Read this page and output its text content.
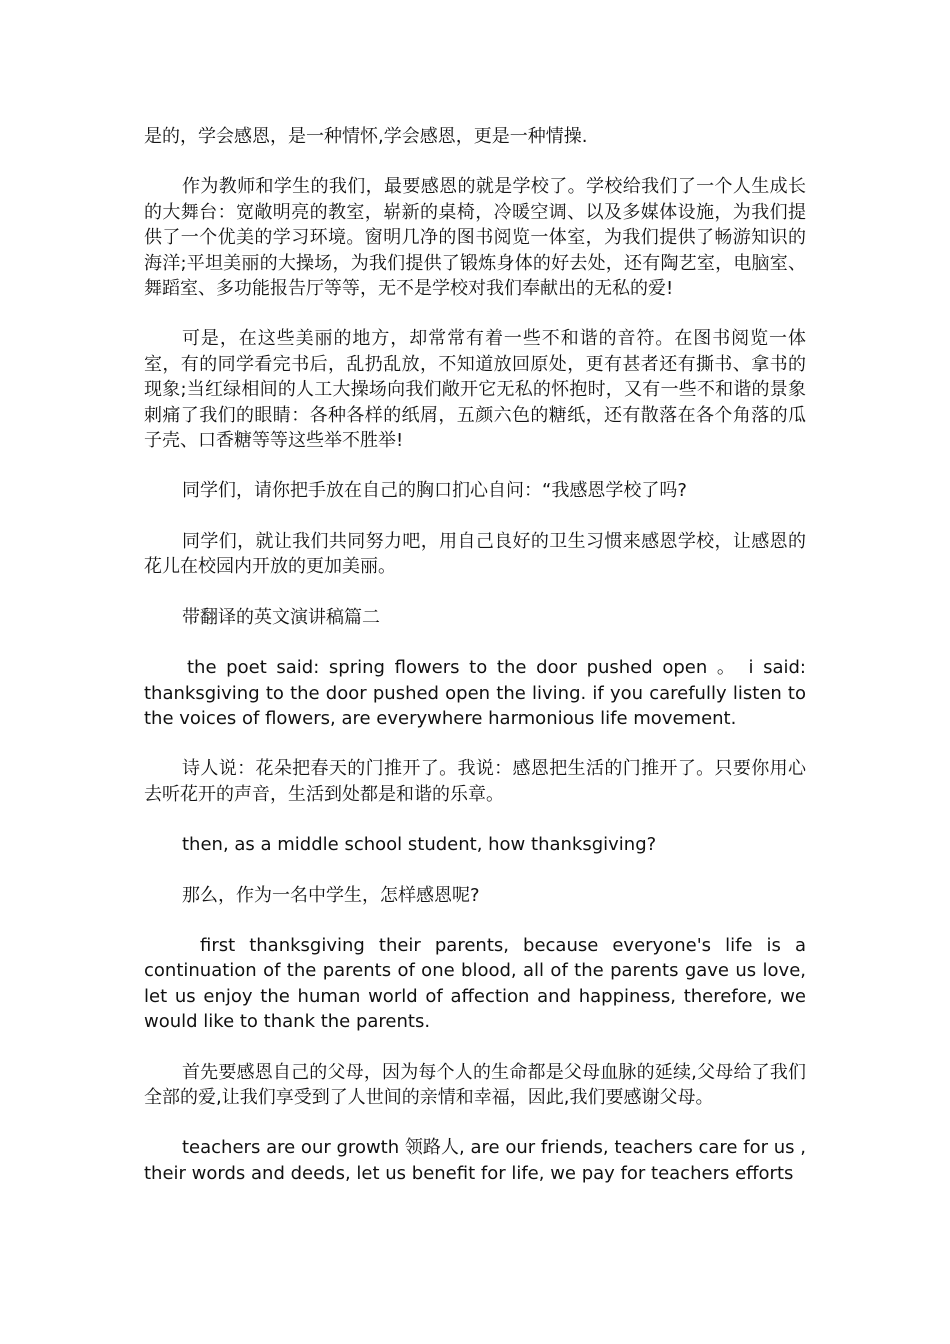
是的，学会感恩，是一种情怀,学会感恩，更是一种情操.

作为教师和学生的我们，最要感恩的就是学校了。学校给我们了一个人生成长的大舞台：宽敞明亮的教室，崭新的桌椅，冷暖空调、以及多媒体设施，为我们提供了一个优美的学习环境。窗明几净的图书阅览一体室，为我们提供了畅游知识的海洋;平坦美丽的大操场，为我们提供了锻炼身体的好去处，还有陶艺室，电脑室、舞蹈室、多功能报告厅等等，无不是学校对我们奉献出的无私的爱!

可是，在这些美丽的地方，却常常有着一些不和谐的音符。在图书阅览一体室，有的同学看完书后，乱扔乱放，不知道放回原处，更有甚者还有撕书、拿书的现象;当红绿相间的人工大操场向我们敞开它无私的怀抱时，又有一些不和谐的景象刺痛了我们的眼睛：各种各样的纸屑，五颜六色的糖纸，还有散落在各个角落的瓜子壳、口香糖等等这些举不胜举!

同学们，请你把手放在自己的胸口扪心自问：“我感恩学校了吗?

同学们，就让我们共同努力吧，用自己良好的卫生习惯来感恩学校，让感恩的花儿在校园内开放的更加美丽。

带翻译的英文演讲稿篇二

the poet said: spring flowers to the door pushed open 。 i said: thanksgiving to the door pushed open the living. if you carefully listen to the voices of flowers, are everywhere harmonious life movement.

诗人说：花朵把春天的门推开了。我说：感恩把生活的门推开了。只要你用心去听花开的声音，生活到处都是和谐的乐章。

then, as a middle school student, how thanksgiving?

那么，作为一名中学生，怎样感恩呢?

first thanksgiving their parents, because everyone's life is a continuation of the parents of one blood, all of the parents gave us love, let us enjoy the human world of affection and happiness, therefore, we would like to thank the parents.

首先要感恩自己的父母，因为每个人的生命都是父母血脉的延续,父母给了我们全部的爱,让我们享受到了人世间的亲情和幸福，因此,我们要感谢父母。

teachers are our growth 领路人, are our friends, teachers care for us , their words and deeds, let us benefit for life, we pay for teachers efforts
